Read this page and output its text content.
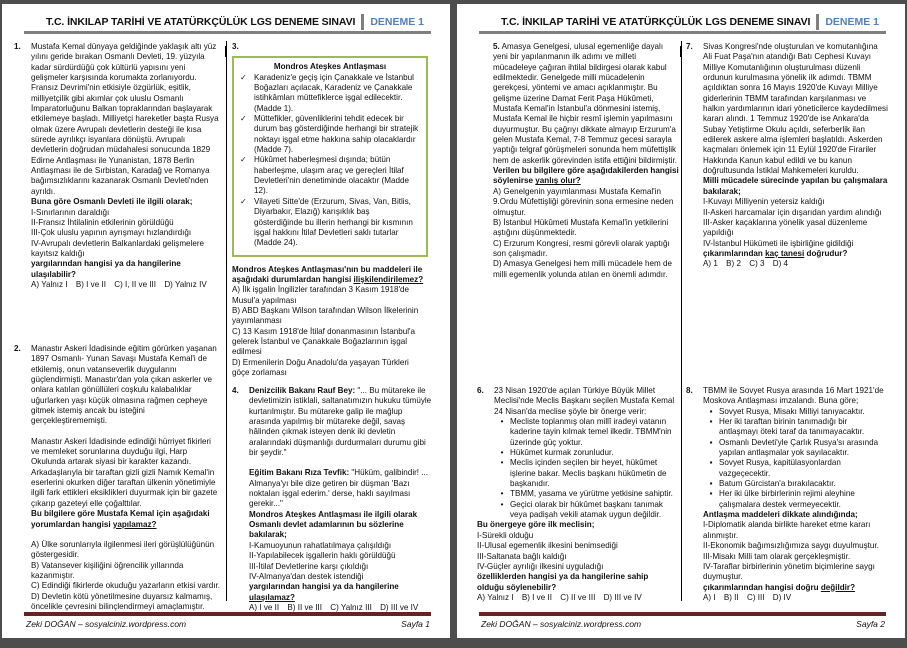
T.C. İNKILAP TARİHİ VE ATATÜRKÇÜLÜK LGS DENEME SINAVI	DENEME 1
1. Mustafa Kemal dünyaya geldiğinde yaklaşık altı yüz yılını geride bırakan Osmanlı Devleti, 19. yüzyıla kadar sürdürdüğü çok kültürlü yapısını yeni gelişmeler karşısında korumakta zorlanıyordu. Fransız Devrimi'nin etkisiyle özgürlük, eşitlik, milliyetçilik gibi akımlar çok uluslu Osmanlı İmparatorluğunu Balkan topraklarından başlayarak etkilemeye başladı. Milliyetçi hareketler başta Rusya olmak üzere Avrupalı devletlerin desteği ile kısa sürede ayrılıkçı isyanlara dönüştü. Avrupalı devletlerin doğrudan müdahalesi sonucunda 1829 Edirne Antlaşması ile Yunanistan, 1878 Berlin Antlaşması ile de Sırbistan, Karadağ ve Romanya bağımsızlıklarını kazanarak Osmanlı Devleti'nden ayrıldı.

Buna göre Osmanlı Devleti ile ilgili olarak;

I-Sınırlarının daraldığı

II-Fransız İhtilalinin etkilerinin görüldüğü

III-Çok uluslu yapının ayrışmayı hızlandırdığı

IV-Avrupalı devletlerin Balkanlardaki gelişmelere kayıtsız kaldığı

yargılarından hangisi ya da hangilerine ulaşılabilir?

A) Yalnız I B) I ve II C) I, II ve III D) Yalnız IV

2. Manastır Askeri İdadisinde eğitim görürken yaşanan 1897 Osmanlı- Yunan Savaşı Mustafa Kemal'i de etkilemiş, onun vatanseverlik duygularını güçlendirmişti. Manastır'dan yola çıkan askerler ve onlara katılan gönüllüleri coşkulu kalabalıklar uğurlarken yaşı küçük olmasına rağmen cepheye gitmek istemiş ancak bu isteğini gerçekleştirememişti.

Manastır Askeri İdadisinde edindiği hürriyet fikirleri ve memleket sorunlarına duyduğu ilgi, Harp Okulunda artarak siyasi bir karakter kazandı. Arkadaşlarıyla bir taraftan gizli gizli Namık Kemal'in eserlerini okurken diğer taraftan ülkenin yönetimiyle ilgili fark ettikleri eksiklikleri duyurmak için bir gazete çıkarıp gazeteyi elle çoğalttılar.

Bu bilgilere göre Mustafa Kemal için aşağıdaki yorumlardan hangisi yapılamaz?

A) Ülke sorunlarıyla ilgilenmesi ileri görüşlülüğünün göstergesidir.

B) Vatansever kişiliğini öğrencilik yıllarında kazanmıştır.

C) Edindiği fikirlerde okuduğu yazarların etkisi vardır.

D) Devletin kötü yönetilmesine duyarsız kalmamış, öncelikle çevresini bilinçlendirmeyi amaçlamıştır.

3.

Mondros Ateşkes Antlaşması

✓ Karadeniz'e geçiş için Çanakkale ve İstanbul Boğazları açılacak, Karadeniz ve Çanakkale istihkâmları müttefiklerce işgal edilecektir. (Madde 1).
✓ Müttefikler, güvenliklerini tehdit edecek bir durum baş gösterdiğinde herhangi bir stratejik noktayı işgal etme hakkına sahip olacaklardır (Madde 7).
✓ Hükûmet haberleşmesi dışında; bütün haberleşme, ulaşım araç ve gereçleri İtilaf Devletleri'nin denetiminde olacaktır (Madde 12).
✓ Vilayeti Sitte'de (Erzurum, Sivas, Van, Bitlis, Diyarbakır, Elazığ) karışıklık baş gösterdiğinde bu illerin herhangi bir kısmının işgal hakkını İtilaf Devletleri saklı tutarlar (Madde 24).

Mondros Ateşkes Antlaşması'nın bu maddeleri ile aşağıdaki durumlardan hangisi ilişkilendirilemez?

A) İlk işgalin İngilizler tarafından 3 Kasım 1918'de Musul'a yapılması

B) ABD Başkanı Wilson tarafından Wilson İlkelerinin yayımlanması

C) 13 Kasım 1918'de İtilaf donanmasının İstanbul'a gelerek İstanbul ve Çanakkale Boğazlarının işgal edilmesi

D) Ermenilerin Doğu Anadolu'da yaşayan Türkleri göçe zorlaması

4. Denizcilik Bakanı Rauf Bey: "... Bu mütareke ile devletimizin istiklali, saltanatımızın hukuku tümüyle kurtarılmıştır. Bu mütareke galip ile mağlup arasında yapılmış bir mütareke değil, savaş hâlinden çıkmak isteyen denk iki devletin aralarındaki düşmanlığı durdurmaları durumu gibi bir şeydir."

Eğitim Bakanı Rıza Tevfik: "Hüküm, galibindir! ... Almanya'yı bile dize getiren bir düşman 'Bazı noktaları işgal ederim.' derse, haklı sayılması gerekir..."

Mondros Ateşkes Antlaşması ile ilgili olarak Osmanlı devlet adamlarının bu sözlerine bakılarak;

I-Kamuoyunun rahatlatılmaya çalışıldığı

II-Yapılabilecek işgallerin haklı görüldüğü

III-İtilaf Devletlerine karşı çıkıldığı

IV-Almanya'dan destek istendiği

yargılarından hangisi ya da hangilerine ulaşılamaz?

A) I ve II B) II ve III C) Yalnız III D) III ve IV

Zeki DOĞAN – sosyalciniz.wordpress.com	Sayfa 1
T.C. İNKILAP TARİHİ VE ATATÜRKÇÜLÜK LGS DENEME SINAVI	DENEME 1

5. Amasya Genelgesi, ulusal egemenliğe dayalı yeni bir yapılanmanın ilk adımı ve milleti mücadeleye çağıran ihtilal bildirgesi olarak kabul edilmektedir. Genelgede milli mücadelenin gerekçesi, yöntemi ve amacı açıklanmıştır. Bu gelişme üzerine Damat Ferit Paşa Hükûmeti, Mustafa Kemal'in İstanbul'a dönmesini istemiş, Mustafa Kemal ile hiçbir resmî işlemin yapılmasını duyurmuştur. Bu çağrıyı dikkate almayıp Erzurum'a gelen Mustafa Kemal, 7-8 Temmuz gecesi sarayla yaptığı telgraf görüşmeleri sonunda hem müfettişlik hem de askerlik görevinden istifa ettiğini bildirmiştir.

Verilen bu bilgilere göre aşağıdakilerden hangisi söylenirse yanlış olur?

A) Genelgenin yayımlanması Mustafa Kemal'in 9.Ordu Müfettişliği görevinin sona ermesine neden olmuştur.

B) İstanbul Hükûmeti Mustafa Kemal'in yetkilerini aştığını düşünmektedir.

C) Erzurum Kongresi, resmi görevli olarak yaptığı son çalışmadır.

D) Amasya Genelgesi hem milli mücadele hem de milli egemenlik yolunda atılan en önemli adımdır.

6. 23 Nisan 1920'de açılan Türkiye Büyük Millet Meclisi'nde Meclis Başkanı seçilen Mustafa Kemal 24 Nisan'da meclise şöyle bir önerge verir:

• Mecliste toplanmış olan millî iradeyi vatanın kaderine tayin kılmak temel ilkedir. TBMM'nin üzerinde güç yoktur.
• Hükûmet kurmak zorunludur.
• Meclis içinden seçilen bir heyet, hükûmet işlerine bakar. Meclis başkanı hükûmetin de başkanıdır.
• TBMM, yasama ve yürütme yetkisine sahiptir.
• Geçici olarak bir hükûmet başkanı tanımak veya padişah vekili atamak uygun değildir.

Bu önergeye göre ilk meclisin;

I-Sürekli olduğu

II-Ulusal egemenlik ilkesini benimsediği

III-Saltanata bağlı kaldığı

IV-Güçler ayrılığı ilkesini uyguladığı

özelliklerden hangisi ya da hangilerine sahip olduğu söylenebilir?

A) Yalnız I B) I ve II C) II ve III D) III ve IV

7. Sivas Kongresi'nde oluşturulan ve komutanlığına Ali Fuat Paşa'nın atandığı Batı Cephesi Kuvayı Milliye Komutanlığının oluşturulması düzenli ordunun kurulmasına yönelik ilk adımdı. TBMM açıldıktan sonra 16 Mayıs 1920'de Kuvayı Milliye giderlerinin TBMM tarafından karşılanması ve halkın yardımlarının idari yöneticilerce kaydedilmesi kararı alındı. 1 Temmuz 1920'de ise Ankara'da Subay Yetiştirme Okulu açıldı, seferberlik ilan edilerek askere alma işlemleri başlatıldı. Askerden kaçmaları önlemek için 11 Eylül 1920'de Firariler Hakkında Kanun kabul edildi ve bu kanun doğrultusunda İstiklal Mahkemeleri kuruldu.

Milli mücadele sürecinde yapılan bu çalışmalara bakılarak;

I-Kuvayı Milliyenin yetersiz kaldığı

II-Askeri harcamalar için dışarıdan yardım alındığı

III-Asker kaçaklarına yönelik yasal düzenleme yapıldığı

IV-İstanbul Hükümeti ile işbirliğine gidildiği

çıkarımlarından kaç tanesi doğrudur?

A) 1 B) 2 C) 3 D) 4

8. TBMM ile Sovyet Rusya arasında 16 Mart 1921'de Moskova Antlaşması imzalandı. Buna göre;

▪ Sovyet Rusya, Misakı Milliyi tanıyacaktır.
▪ Her iki taraftan birinin tanımadığı bir antlaşmayı öteki taraf da tanımayacaktır.
▪ Osmanlı Devleti'yle Çarlık Rusya'sı arasında yapılan antlaşmalar yok sayılacaktır.
▪ Sovyet Rusya, kapitülasyonlardan vazgeçecektir.
▪ Batum Gürcistan'a bırakılacaktır.
▪ Her iki ülke birbirlerinin rejimi aleyhine çalışmalara destek vermeyecektir.

Antlaşma maddeleri dikkate alındığında;

I-Diplomatik alanda birlikte hareket etme kararı alınmıştır.

II-Ekonomik bağımsızlığımıza saygı duyulmuştur.

III-Misakı Milli tam olarak gerçekleşmiştir.

IV-Taraflar birbirlerinin yönetim biçimlerine saygı duymuştur.

çıkarımlarından hangisi doğru değildir?

A) I B) II C) III D) IV

Zeki DOĞAN – sosyalciniz.wordpress.com	Sayfa 2
